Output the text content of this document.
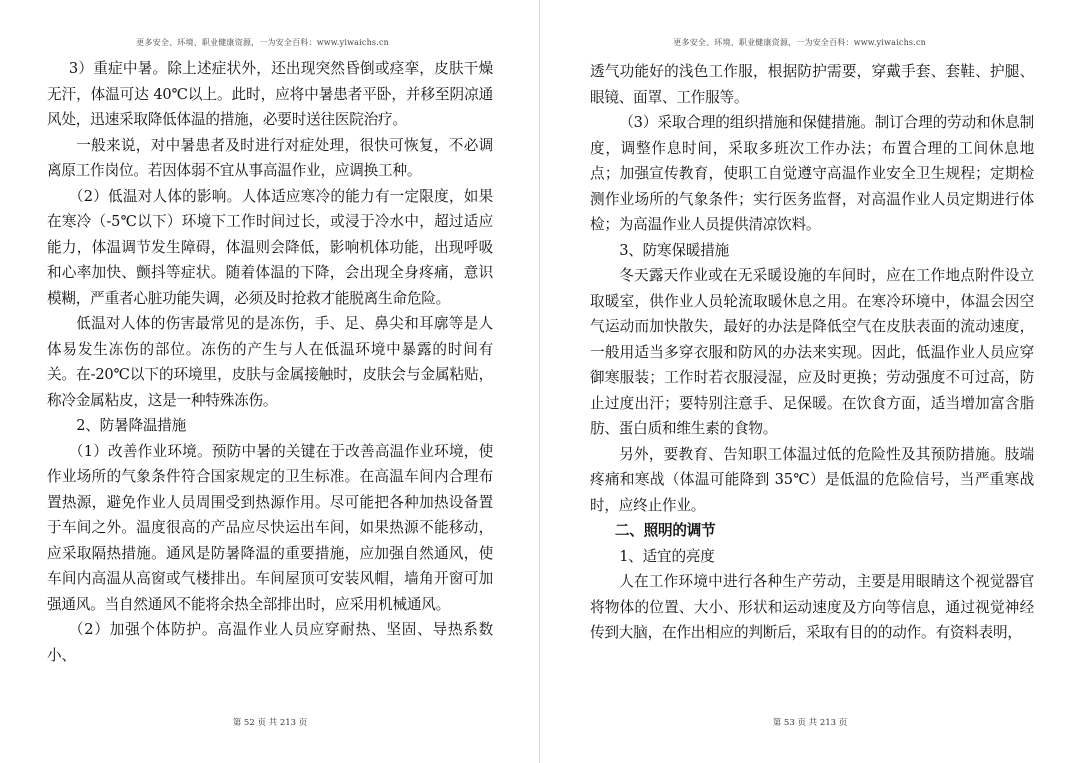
更多安全、环境、职业健康资源，一为安全百科：www.yiwaichs.cn

3）重症中暑。除上述症状外，还出现突然昏倒或痉挛，皮肤干燥无汗，体温可达 40℃以上。此时，应将中暑患者平卧，并移至阴凉通风处，迅速采取降低体温的措施，必要时送往医院治疗。

一般来说，对中暑患者及时进行对症处理，很快可恢复，不必调离原工作岗位。若因体弱不宜从事高温作业，应调换工种。

（2）低温对人体的影响。人体适应寒冷的能力有一定限度，如果在寒冷（-5℃以下）环境下工作时间过长，或浸于冷水中，超过适应能力，体温调节发生障碍，体温则会降低，影响机体功能，出现呼吸和心率加快、颤抖等症状。随着体温的下降，会出现全身疼痛，意识模糊，严重者心脏功能失调，必须及时抢救才能脱离生命危险。

低温对人体的伤害最常见的是冻伤，手、足、鼻尖和耳廓等是人体易发生冻伤的部位。冻伤的产生与人在低温环境中暴露的时间有关。在-20℃以下的环境里，皮肤与金属接触时，皮肤会与金属粘贴，称冷金属粘皮，这是一种特殊冻伤。

2、防暑降温措施

（1）改善作业环境。预防中暑的关键在于改善高温作业环境，使作业场所的气象条件符合国家规定的卫生标准。在高温车间内合理布置热源，避免作业人员周围受到热源作用。尽可能把各种加热设备置于车间之外。温度很高的产品应尽快运出车间，如果热源不能移动，应采取隔热措施。通风是防暑降温的重要措施，应加强自然通风，使车间内高温从高窗或气楼排出。车间屋顶可安装风帽，墙角开窗可加强通风。当自然通风不能将余热全部排出时，应采用机械通风。

（2）加强个体防护。高温作业人员应穿耐热、坚固、导热系数小、

第 52 页 共 213 页
更多安全、环境、职业健康资源，一为安全百科：www.yiwaichs.cn

透气功能好的浅色工作服，根据防护需要，穿戴手套、套鞋、护腿、眼镜、面罩、工作服等。

（3）采取合理的组织措施和保健措施。制订合理的劳动和休息制度，调整作息时间，采取多班次工作办法；布置合理的工间休息地点；加强宣传教育，使职工自觉遵守高温作业安全卫生规程；定期检测作业场所的气象条件；实行医务监督，对高温作业人员定期进行体检；为高温作业人员提供清凉饮料。

3、防寒保暖措施

冬天露天作业或在无采暖设施的车间时，应在工作地点附件设立取暖室，供作业人员轮流取暖休息之用。在寒冷环境中，体温会因空气运动而加快散失，最好的办法是降低空气在皮肤表面的流动速度，一般用适当多穿衣服和防风的办法来实现。因此，低温作业人员应穿御寒服装；工作时若衣服浸湿，应及时更换；劳动强度不可过高，防止过度出汗；要特别注意手、足保暖。在饮食方面，适当增加富含脂肪、蛋白质和维生素的食物。

另外，要教育、告知职工体温过低的危险性及其预防措施。肢端疼痛和寒战（体温可能降到 35℃）是低温的危险信号，当严重寒战时，应终止作业。

二、照明的调节

1、适宜的亮度

人在工作环境中进行各种生产劳动，主要是用眼睛这个视觉器官将物体的位置、大小、形状和运动速度及方向等信息，通过视觉神经传到大脑，在作出相应的判断后，采取有目的的动作。有资料表明，

第 53 页 共 213 页
